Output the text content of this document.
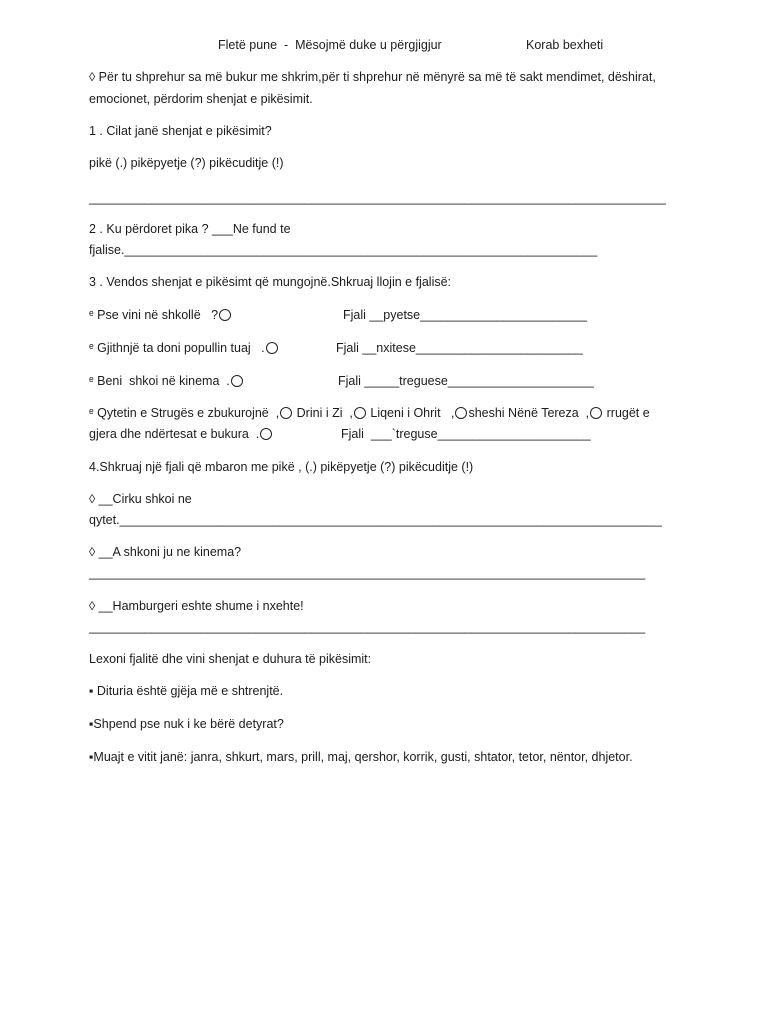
Fletë pune  -  Mësojmë duke u përgjigjur	Korab bexheti
◊ Për tu shprehur sa më bukur me shkrim,për ti shprehur në mënyrë sa më të sakt mendimet, dëshirat,
emocionet, përdorim shenjat e pikësimit.
1 . Cilat janë shenjat e pikësimit?
pikë (.) pikëpyetje (?) pikëcuditje (!)
___________________________________________________________________________________
2 . Ku përdoret pika ? ___Ne fund te
fjalise.____________________________________________________________________
3 . Vendos shenjat e pikësimt që mungojnë.Shkruaj llojin e fjalisë:
ᵉ Pse vini në shkollë   ?	Fjali __pyetse________________________
ᵉ Gjithnjë ta doni popullin tuaj   .	Fjali __nxitese________________________
ᵉ Beni  shkoi në kinema  .	Fjali _____treguese_____________________
ᵉ Qytetin e Strugës e zbukurojnë  , Drini i Zi  , Liqeni i Ohrit   , sheshi Nënë Tereza  , rrugët e
gjera dhe ndërtesat e bukura  .	Fjali  ___`treguse______________________
4.Shkruaj një fjali që mbaron me pikë , (.) pikëpyetje (?) pikëcuditje (!)
◊ __Cirku shkoi ne
qytet.______________________________________________________________________________
◊ __A shkoni ju ne kinema?
________________________________________________________________________________
◊ __Hamburgeri eshte shume i nxehte!
________________________________________________________________________________
Lexoni fjalitë dhe vini shenjat e duhura të pikësimit:
▪ Dituria është gjëja më e shtrenjtë.
▪Shpend pse nuk i ke bërë detyrat?
▪Muajt e vitit janë: janra, shkurt, mars, prill, maj, qershor, korrik, gusti, shtator, tetor, nëntor, dhjetor.
